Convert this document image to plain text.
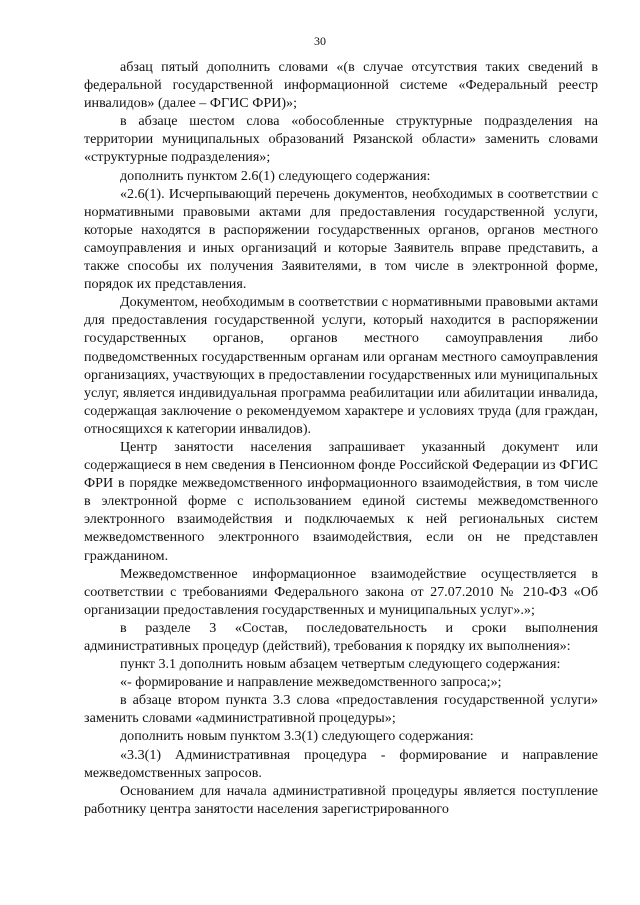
30

абзац пятый дополнить словами «(в случае отсутствия таких сведений в федеральной государственной информационной системе «Федеральный реестр инвалидов» (далее – ФГИС ФРИ)»;

в абзаце шестом слова «обособленные структурные подразделения на территории муниципальных образований Рязанской области» заменить словами «структурные подразделения»;

дополнить пунктом 2.6(1) следующего содержания:

«2.6(1). Исчерпывающий перечень документов, необходимых в соответствии с нормативными правовыми актами для предоставления государственной услуги, которые находятся в распоряжении государственных органов, органов местного самоуправления и иных организаций и которые Заявитель вправе представить, а также способы их получения Заявителями, в том числе в электронной форме, порядок их представления.

Документом, необходимым в соответствии с нормативными правовыми актами для предоставления государственной услуги, который находится в распоряжении государственных органов, органов местного самоуправления либо подведомственных государственным органам или органам местного самоуправления организациях, участвующих в предоставлении государственных или муниципальных услуг, является индивидуальная программа реабилитации или абилитации инвалида, содержащая заключение о рекомендуемом характере и условиях труда (для граждан, относящихся к категории инвалидов).

Центр занятости населения запрашивает указанный документ или содержащиеся в нем сведения в Пенсионном фонде Российской Федерации из ФГИС ФРИ в порядке межведомственного информационного взаимодействия, в том числе в электронной форме с использованием единой системы межведомственного электронного взаимодействия и подключаемых к ней региональных систем межведомственного электронного взаимодействия, если он не представлен гражданином.

Межведомственное информационное взаимодействие осуществляется в соответствии с требованиями Федерального закона от 27.07.2010 № 210-ФЗ «Об организации предоставления государственных и муниципальных услуг».»;

в разделе 3 «Состав, последовательность и сроки выполнения административных процедур (действий), требования к порядку их выполнения»:

пункт 3.1 дополнить новым абзацем четвертым следующего содержания:

«- формирование и направление межведомственного запроса;»;

в абзаце втором пункта 3.3 слова «предоставления государственной услуги» заменить словами «административной процедуры»;

дополнить новым пунктом 3.3(1) следующего содержания:

«3.3(1) Административная процедура - формирование и направление межведомственных запросов.

Основанием для начала административной процедуры является поступление работнику центра занятости населения зарегистрированного
